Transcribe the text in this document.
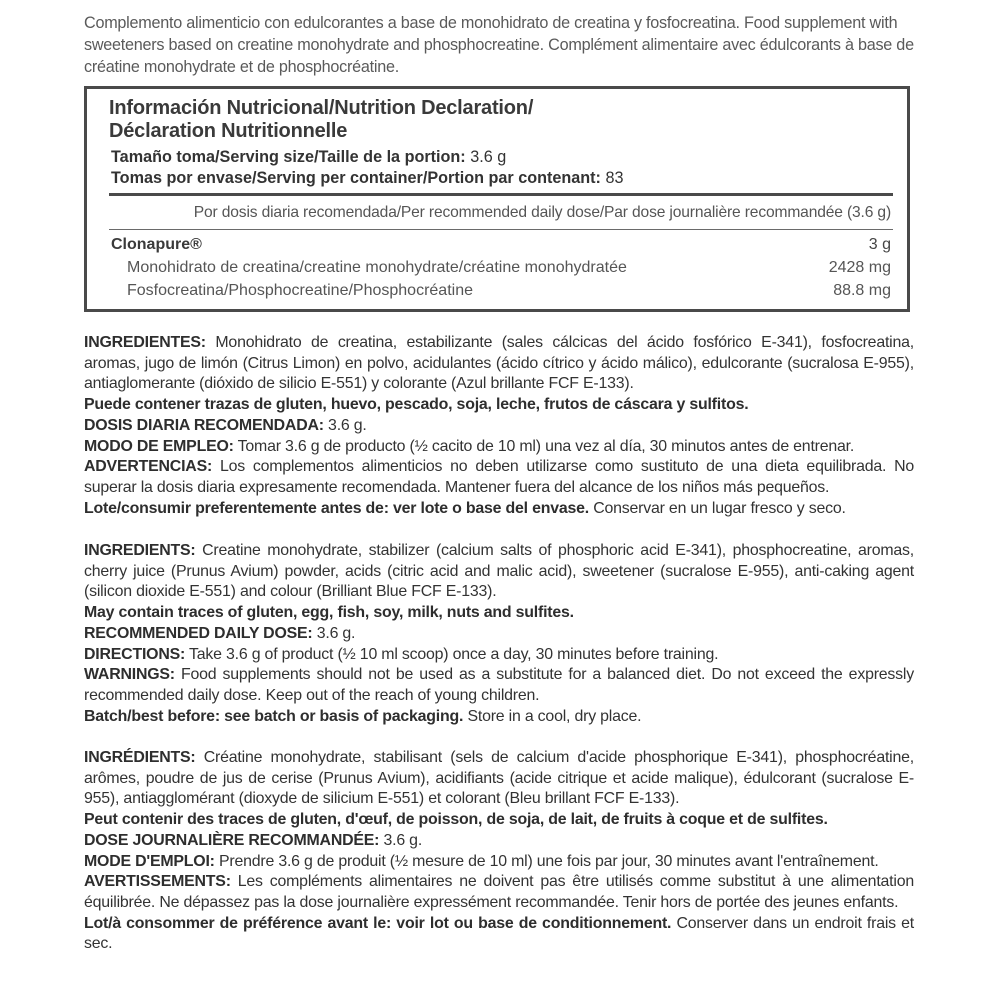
Complemento alimenticio con edulcorantes a base de monohidrato de creatina y fosfocreatina. Food supplement with sweeteners based on creatine monohydrate and phosphocreatine. Complément alimentaire avec édulcorants à base de créatine monohydrate et de phosphocréatine.
Información Nutricional/Nutrition Declaration/
Déclaration Nutritionnelle
Tamaño toma/Serving size/Taille de la portion: 3.6 g
Tomas por envase/Serving per container/Portion par contenant: 83
Por dosis diaria recomendada/Per recommended daily dose/Par dose journalière recommandée (3.6 g)
Clonapure®	3 g
Monohidrato de creatina/creatine monohydrate/créatine monohydratée	2428 mg
Fosfocreatina/Phosphocreatine/Phosphocréatine	88.8 mg

INGREDIENTES: Monohidrato de creatina, estabilizante (sales cálcicas del ácido fosfórico E-341), fosfocreatina, aromas, jugo de limón (Citrus Limon) en polvo, acidulantes (ácido cítrico y ácido málico), edulcorante (sucralosa E-955), antiaglomerante (dióxido de silicio E-551) y colorante (Azul brillante FCF E-133).

Puede contener trazas de gluten, huevo, pescado, soja, leche, frutos de cáscara y sulfitos.

DOSIS DIARIA RECOMENDADA: 3.6 g.

MODO DE EMPLEO: Tomar 3.6 g de producto (½ cacito de 10 ml) una vez al día, 30 minutos antes de entrenar.

ADVERTENCIAS: Los complementos alimenticios no deben utilizarse como sustituto de una dieta equilibrada. No superar la dosis diaria expresamente recomendada. Mantener fuera del alcance de los niños más pequeños.

Lote/consumir preferentemente antes de: ver lote o base del envase. Conservar en un lugar fresco y seco.

INGREDIENTS: Creatine monohydrate, stabilizer (calcium salts of phosphoric acid E-341), phosphocreatine, aromas, cherry juice (Prunus Avium) powder, acids (citric acid and malic acid), sweetener (sucralose E-955), anti-caking agent (silicon dioxide E-551) and colour (Brilliant Blue FCF E-133).

May contain traces of gluten, egg, fish, soy, milk, nuts and sulfites.

RECOMMENDED DAILY DOSE: 3.6 g.

DIRECTIONS: Take 3.6 g of product (½ 10 ml scoop) once a day, 30 minutes before training.

WARNINGS: Food supplements should not be used as a substitute for a balanced diet. Do not exceed the expressly recommended daily dose. Keep out of the reach of young children.

Batch/best before: see batch or basis of packaging. Store in a cool, dry place.

INGRÉDIENTS: Créatine monohydrate, stabilisant (sels de calcium d'acide phosphorique E-341), phosphocréatine, arômes, poudre de jus de cerise (Prunus Avium), acidifiants (acide citrique et acide malique), édulcorant (sucralose E-955), antiagglomérant (dioxyde de silicium E-551) et colorant (Bleu brillant FCF E-133).

Peut contenir des traces de gluten, d'œuf, de poisson, de soja, de lait, de fruits à coque et de sulfites.

DOSE JOURNALIÈRE RECOMMANDÉE: 3.6 g.

MODE D'EMPLOI: Prendre 3.6 g de produit (½ mesure de 10 ml) une fois par jour, 30 minutes avant l'entraînement.

AVERTISSEMENTS: Les compléments alimentaires ne doivent pas être utilisés comme substitut à une alimentation équilibrée. Ne dépassez pas la dose journalière expressément recommandée. Tenir hors de portée des jeunes enfants.

Lot/à consommer de préférence avant le: voir lot ou base de conditionnement. Conserver dans un endroit frais et sec.
